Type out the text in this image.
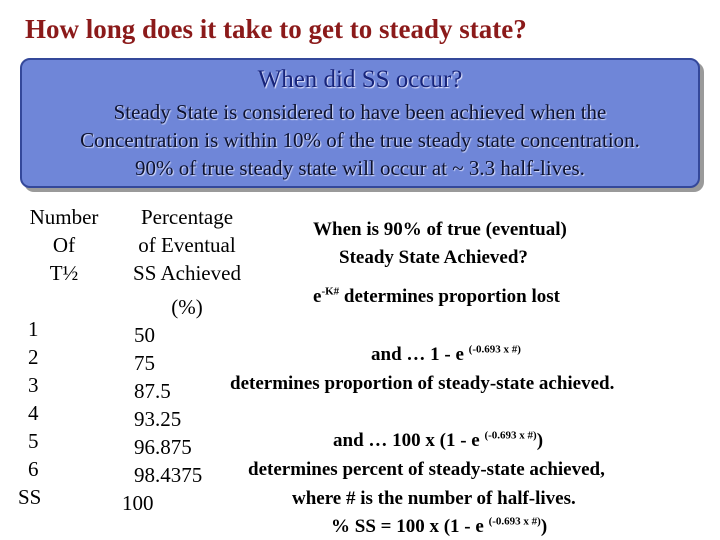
How long does it take to get to steady state?
When did SS occur?
Steady State is considered to have been achieved when the
Concentration is within 10% of the true steady state concentration.
90% of true steady state will occur at ~ 3.3 half-lives.
Number
Of
T½
1
2
3
4
5
6
SS
Percentage
of Eventual
SS Achieved
(%)
50
75
87.5
93.25
96.875
98.4375
100
When is 90% of true (eventual)
Steady State Achieved?
$e^{-K\#}$ determines proportion lost
and … 1 - e $^{(-0.693 x \#)}$
determines proportion of steady-state achieved.
and … 100 x (1 - e $^{(-0.693 x \#)}$)
determines percent of steady-state achieved,
where # is the number of half-lives.
% SS = 100 x (1 - e $^{(-0.693 x \#)}$)
